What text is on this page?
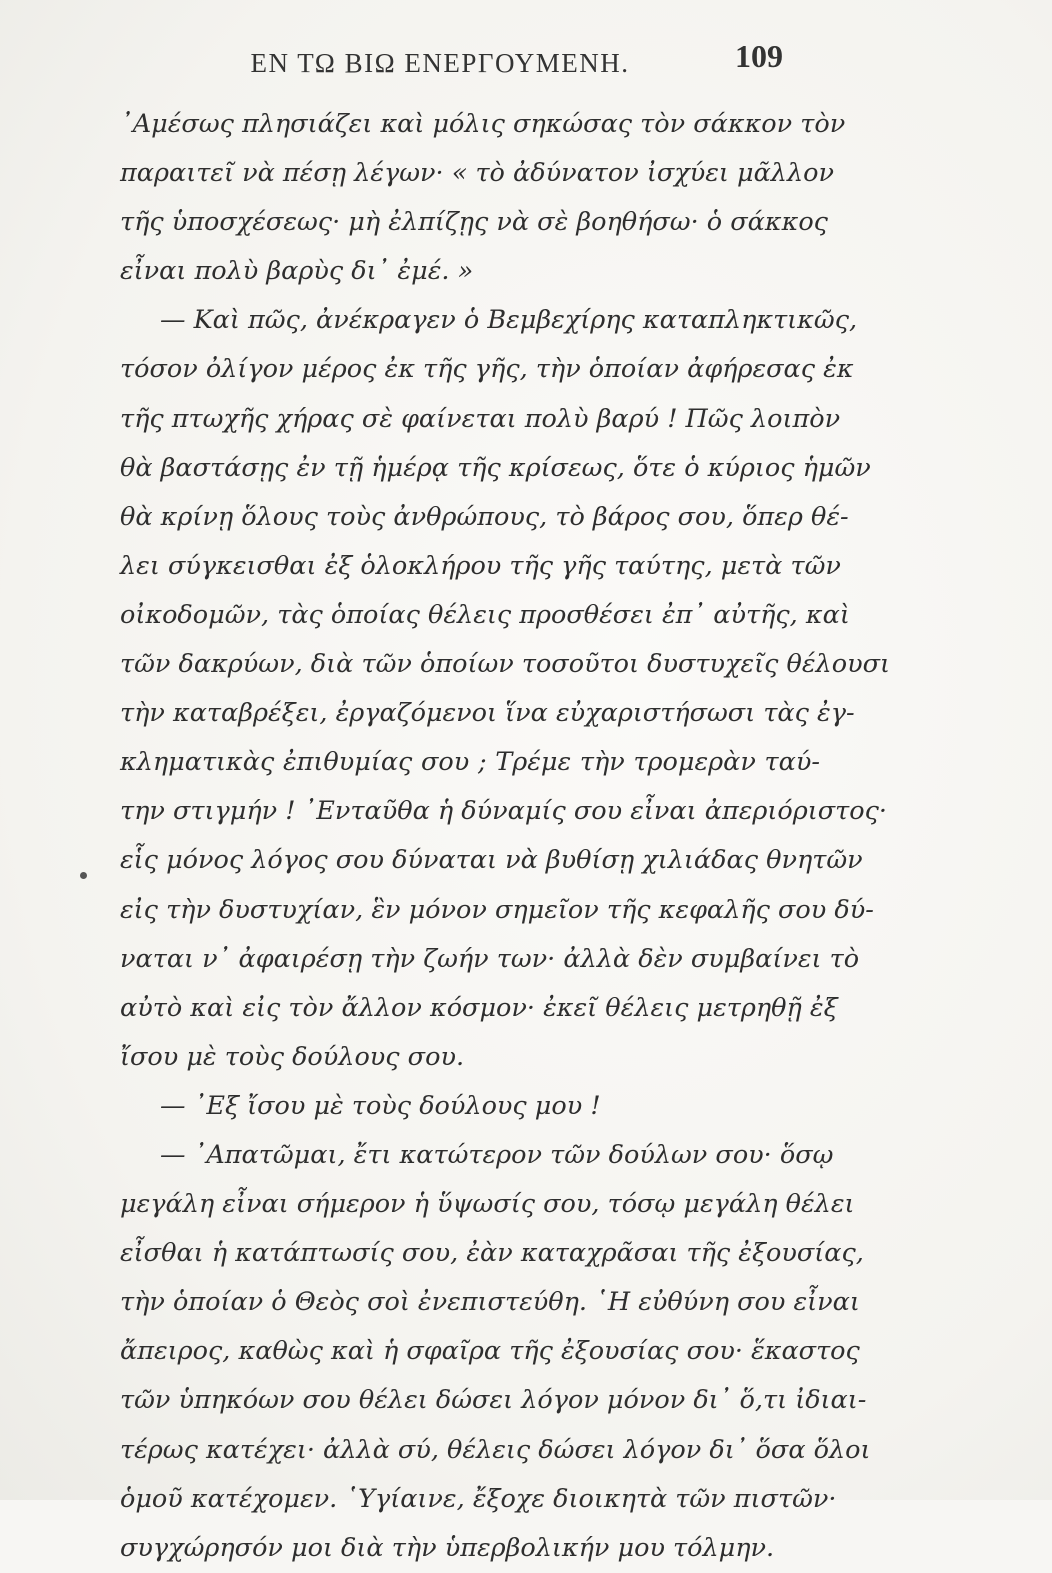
ΕΝ ΤΩ ΒΙΩ ΕΝΕΡΓΟΥΜΕΝΗ.	109
᾿Αμέσως πλησιάζει καὶ μόλις σηκώσας τὸν σάκκον τὸν
παραιτεῖ νὰ πέσῃ λέγων· « τὸ ἀδύνατον ἰσχύει μᾶλλον
τῆς ὑποσχέσεως· μὴ ἐλπίζῃς νὰ σὲ βοηθήσω· ὁ σάκκος
εἶναι πολὺ βαρὺς δι᾿ ἐμέ. »
— Καὶ πῶς, ἀνέκραγεν ὁ Βεμβεχίρης καταπληκτικῶς,
τόσον ὀλίγον μέρος ἐκ τῆς γῆς, τὴν ὁποίαν ἀφήρεσας ἐκ
τῆς πτωχῆς χήρας σὲ φαίνεται πολὺ βαρύ ! Πῶς λοιπὸν
θὰ βαστάσῃς ἐν τῇ ἡμέρᾳ τῆς κρίσεως, ὅτε ὁ κύριος ἡμῶν
θὰ κρίνῃ ὅλους τοὺς ἀνθρώπους, τὸ βάρος σου, ὅπερ θέ-
λει σύγκεισθαι ἐξ ὁλοκλήρου τῆς γῆς ταύτης, μετὰ τῶν
οἰκοδομῶν, τὰς ὁποίας θέλεις προσθέσει ἐπ᾿ αὐτῆς, καὶ
τῶν δακρύων, διὰ τῶν ὁποίων τοσοῦτοι δυστυχεῖς θέλουσι
τὴν καταβρέξει, ἐργαζόμενοι ἵνα εὐχαριστήσωσι τὰς ἐγ-
κληματικὰς ἐπιθυμίας σου ; Τρέμε τὴν τρομερὰν ταύ-
την στιγμήν ! ᾿Ενταῦθα ἡ δύναμίς σου εἶναι ἀπεριόριστος·
εἷς μόνος λόγος σου δύναται νὰ βυθίσῃ χιλιάδας θνητῶν
εἰς τὴν δυστυχίαν, ἓν μόνον σημεῖον τῆς κεφαλῆς σου δύ-
ναται ν᾿ ἀφαιρέσῃ τὴν ζωήν των· ἀλλὰ δὲν συμβαίνει τὸ
αὐτὸ καὶ εἰς τὸν ἄλλον κόσμον· ἐκεῖ θέλεις μετρηθῇ ἐξ
ἴσου μὲ τοὺς δούλους σου.
— ᾿Εξ ἴσου μὲ τοὺς δούλους μου !
— ᾿Απατῶμαι, ἔτι κατώτερον τῶν δούλων σου· ὅσῳ
μεγάλη εἶναι σήμερον ἡ ὕψωσίς σου, τόσῳ μεγάλη θέλει
εἶσθαι ἡ κατάπτωσίς σου, ἐὰν καταχρᾶσαι τῆς ἐξουσίας,
τὴν ὁποίαν ὁ Θεὸς σοὶ ἐνεπιστεύθη. ῾Η εὐθύνη σου εἶναι
ἄπειρος, καθὼς καὶ ἡ σφαῖρα τῆς ἐξουσίας σου· ἕκαστος
τῶν ὑπηκόων σου θέλει δώσει λόγον μόνον δι᾿ ὅ,τι ἰδιαι-
τέρως κατέχει· ἀλλὰ σύ, θέλεις δώσει λόγον δι᾿ ὅσα ὅλοι
ὁμοῦ κατέχομεν. ῾Υγίαινε, ἔξοχε διοικητὰ τῶν πιστῶν·
συγχώρησόν μοι διὰ τὴν ὑπερβολικήν μου τόλμην.
